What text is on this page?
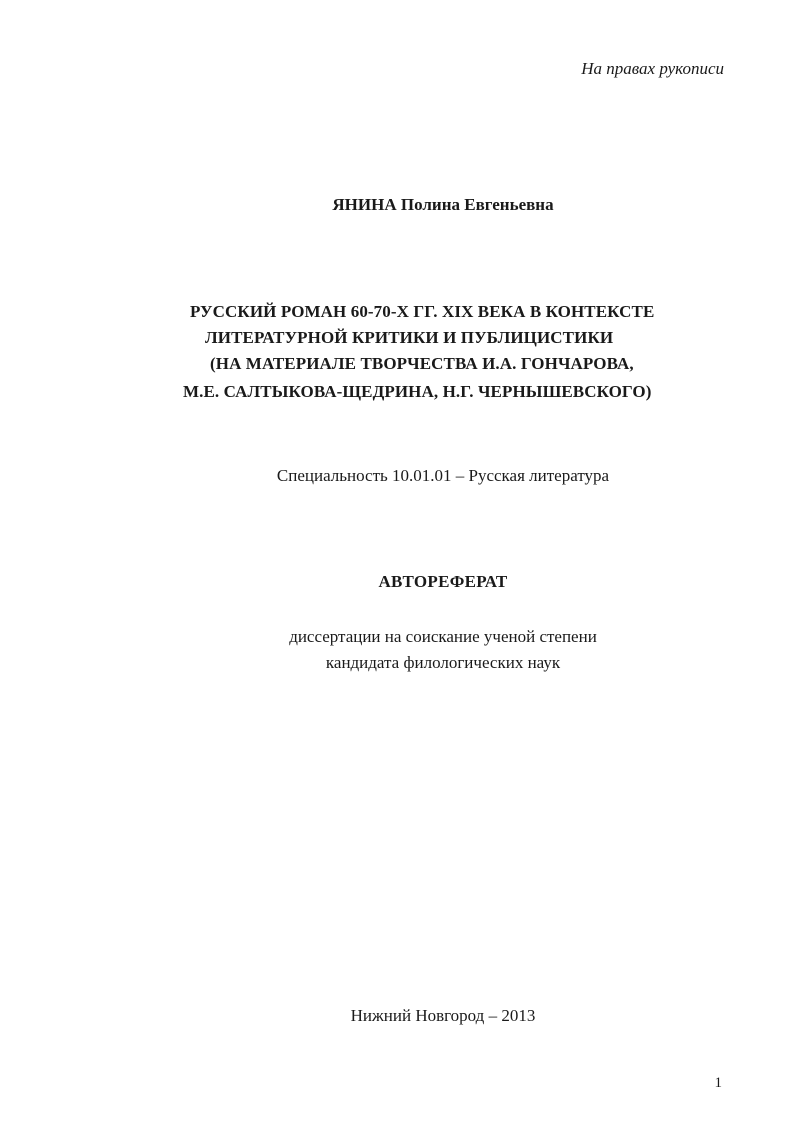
На правах рукописи
ЯНИНА Полина Евгеньевна
РУССКИЙ РОМАН 60-70-Х ГГ. XIX ВЕКА В КОНТЕКСТЕ
ЛИТЕРАТУРНОЙ КРИТИКИ И ПУБЛИЦИСТИКИ
(НА МАТЕРИАЛЕ ТВОРЧЕСТВА И.А. ГОНЧАРОВА,
М.Е. САЛТЫКОВА-ЩЕДРИНА, Н.Г. ЧЕРНЫШЕВСКОГО)
Специальность 10.01.01 – Русская литература
АВТОРЕФЕРАТ
диссертации на соискание ученой степени
кандидата филологических наук
Нижний Новгород – 2013
1
